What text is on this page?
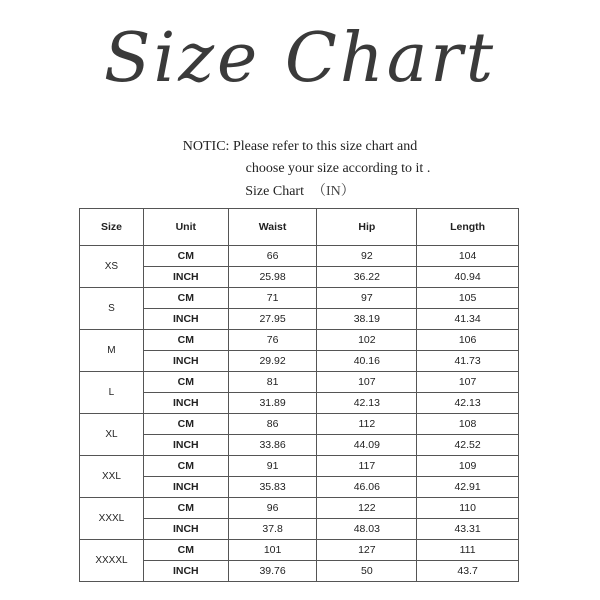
Size Chart
NOTIC: Please refer to this size chart and
choose your size according to it .
Size Chart （IN）
Size	Unit	Waist	Hip	Length
XS	CM	66	92	104
	INCH	25.98	36.22	40.94
S	CM	71	97	105
	INCH	27.95	38.19	41.34
M	CM	76	102	106
	INCH	29.92	40.16	41.73
L	CM	81	107	107
	INCH	31.89	42.13	42.13
XL	CM	86	112	108
	INCH	33.86	44.09	42.52
XXL	CM	91	117	109
	INCH	35.83	46.06	42.91
XXXL	CM	96	122	110
	INCH	37.8	48.03	43.31
XXXXL	CM	101	127	111
	INCH	39.76	50	43.7
